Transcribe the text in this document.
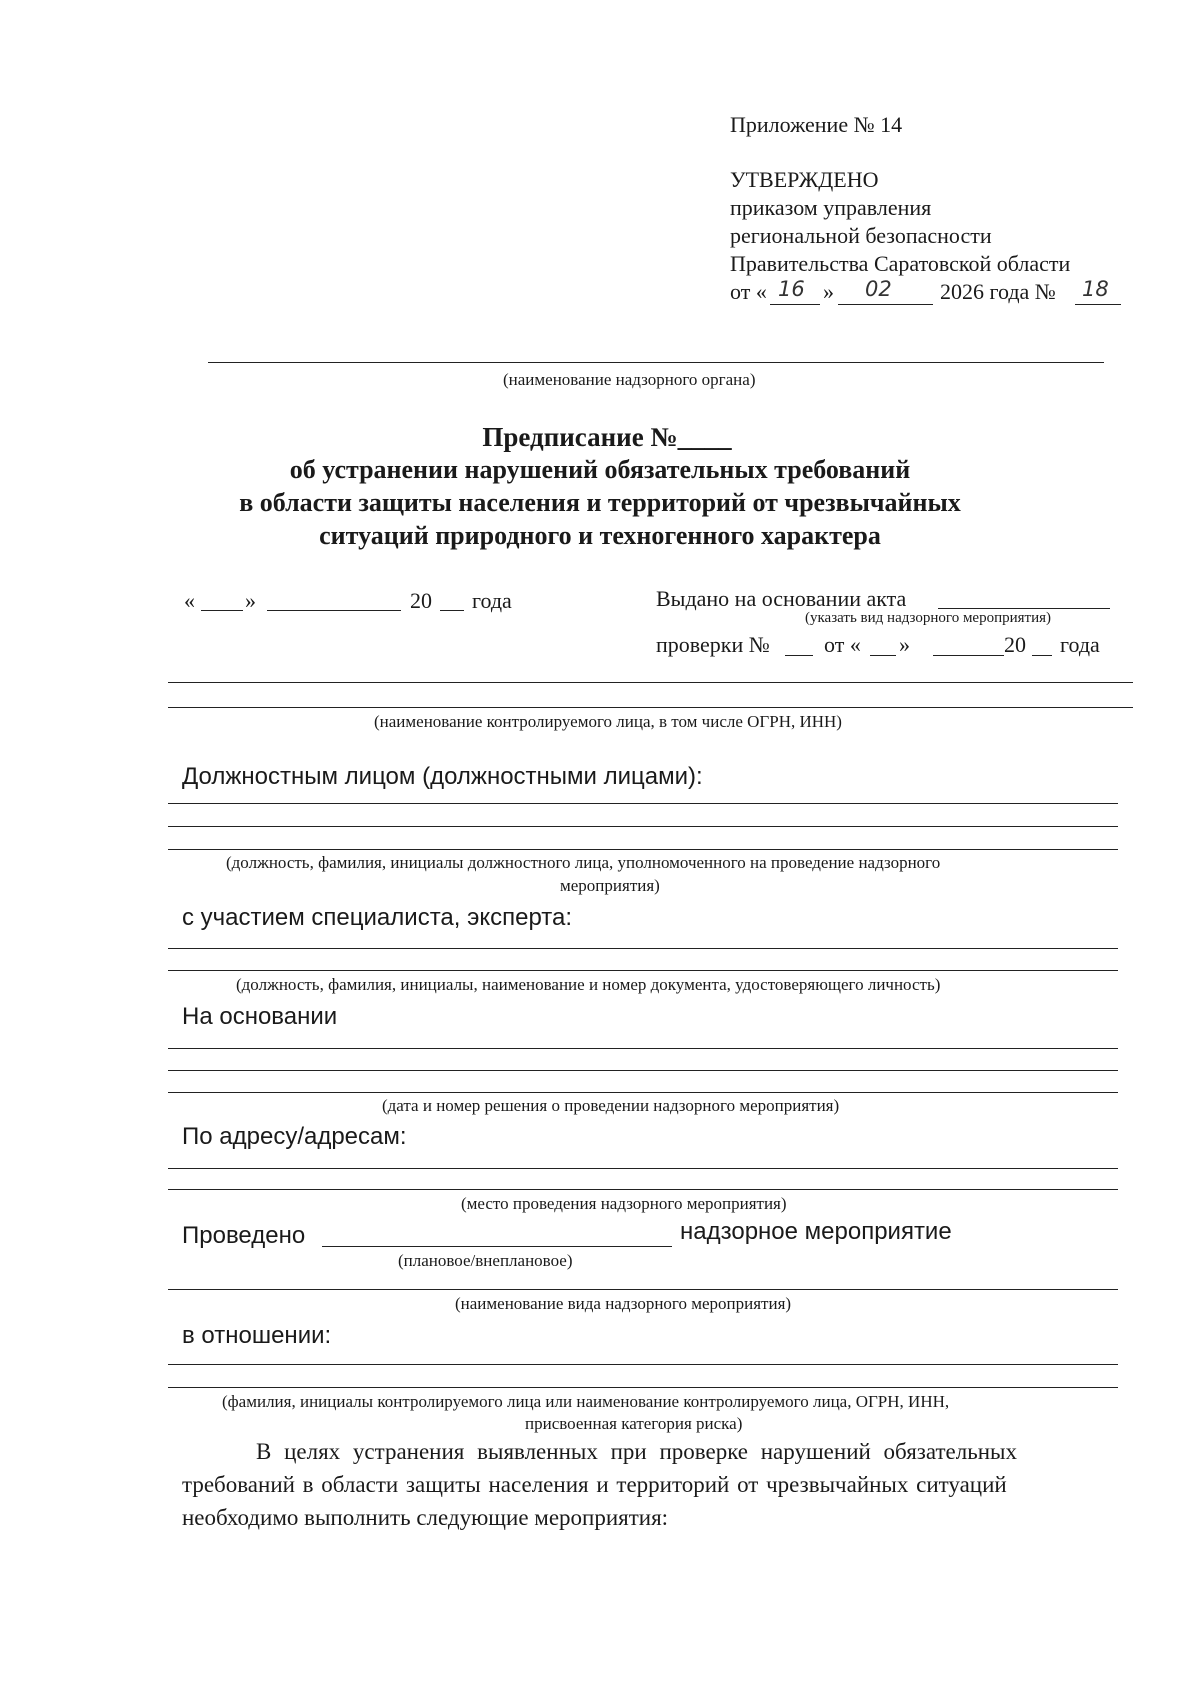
Приложение № 14
УТВЕРЖДЕНО
приказом управления
региональной безопасности
Правительства Саратовской области
от « 16 » 02 2026 года № 18
(наименование надзорного органа)
Предписание №____
об устранении нарушений обязательных требований
в области защиты населения и территорий от чрезвычайных
ситуаций природного и техногенного характера
« »	20 года	Выдано на основании акта
(указать вид надзорного мероприятия)
проверки № от « »	20 года
(наименование контролируемого лица, в том числе ОГРН, ИНН)
Должностным лицом (должностными лицами):
(должность, фамилия, инициалы должностного лица, уполномоченного на проведение надзорного
мероприятия)
с участием специалиста, эксперта:
(должность, фамилия, инициалы, наименование и номер документа, удостоверяющего личность)
На основании
(дата и номер решения о проведении надзорного мероприятия)
По адресу/адресам:
(место проведения надзорного мероприятия)
Проведено	надзорное мероприятие
(плановое/внеплановое)
(наименование вида надзорного мероприятия)
в отношении:
(фамилия, инициалы контролируемого лица или наименование контролируемого лица, ОГРН, ИНН,
присвоенная категория риска)
В целях устранения выявленных при проверке нарушений обязательных
требований в области защиты населения и территорий от чрезвычайных ситуаций
необходимо выполнить следующие мероприятия:
